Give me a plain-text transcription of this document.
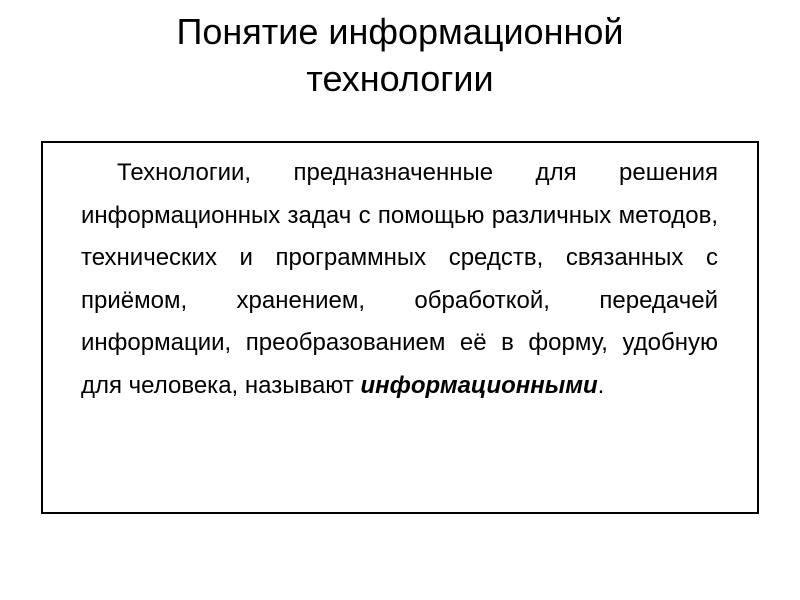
Понятие информационной
технологии

Технологии, предназначенные для решения информационных задач с помощью различных методов, технических и программных средств, связанных с приёмом, хранением, обработкой, передачей информации, преобразованием её в форму, удобную для человека, называют информационными.
